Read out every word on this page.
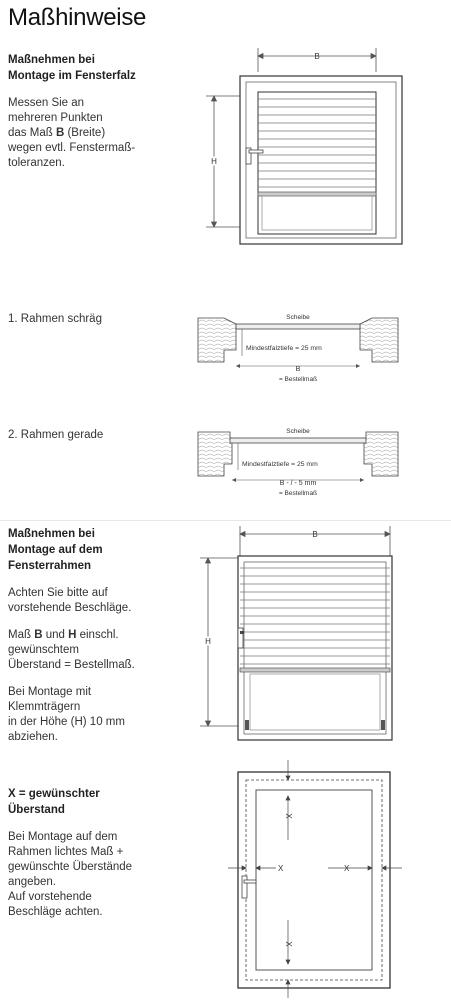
Maßhinweise
Maßnehmen bei
Montage im Fensterfalz
Messen Sie an
mehreren Punkten
das Maß B (Breite)
wegen evtl. Fenstermaß-
toleranzen.
B
H
1. Rahmen schräg
2. Rahmen gerade
Scheibe
Mindestfalztiefe = 25 mm
B
= Bestellmaß
Scheibe
Mindestfalztiefe = 25 mm
B - / - 5 mm
= Bestellmaß
Maßnehmen bei
Montage auf dem
Fensterrahmen
Achten Sie bitte auf
vorstehende Beschläge.
Maß B und H einschl.
gewünschtem
Überstand = Bestellmaß.
Bei Montage mit
Klemmträgern
in der Höhe (H) 10 mm
abziehen.
B
H
X = gewünschter
Überstand
Bei Montage auf dem
Rahmen lichtes Maß +
gewünschte Überstände
angeben.
Auf vorstehende
Beschläge achten.
X
X
X	X
